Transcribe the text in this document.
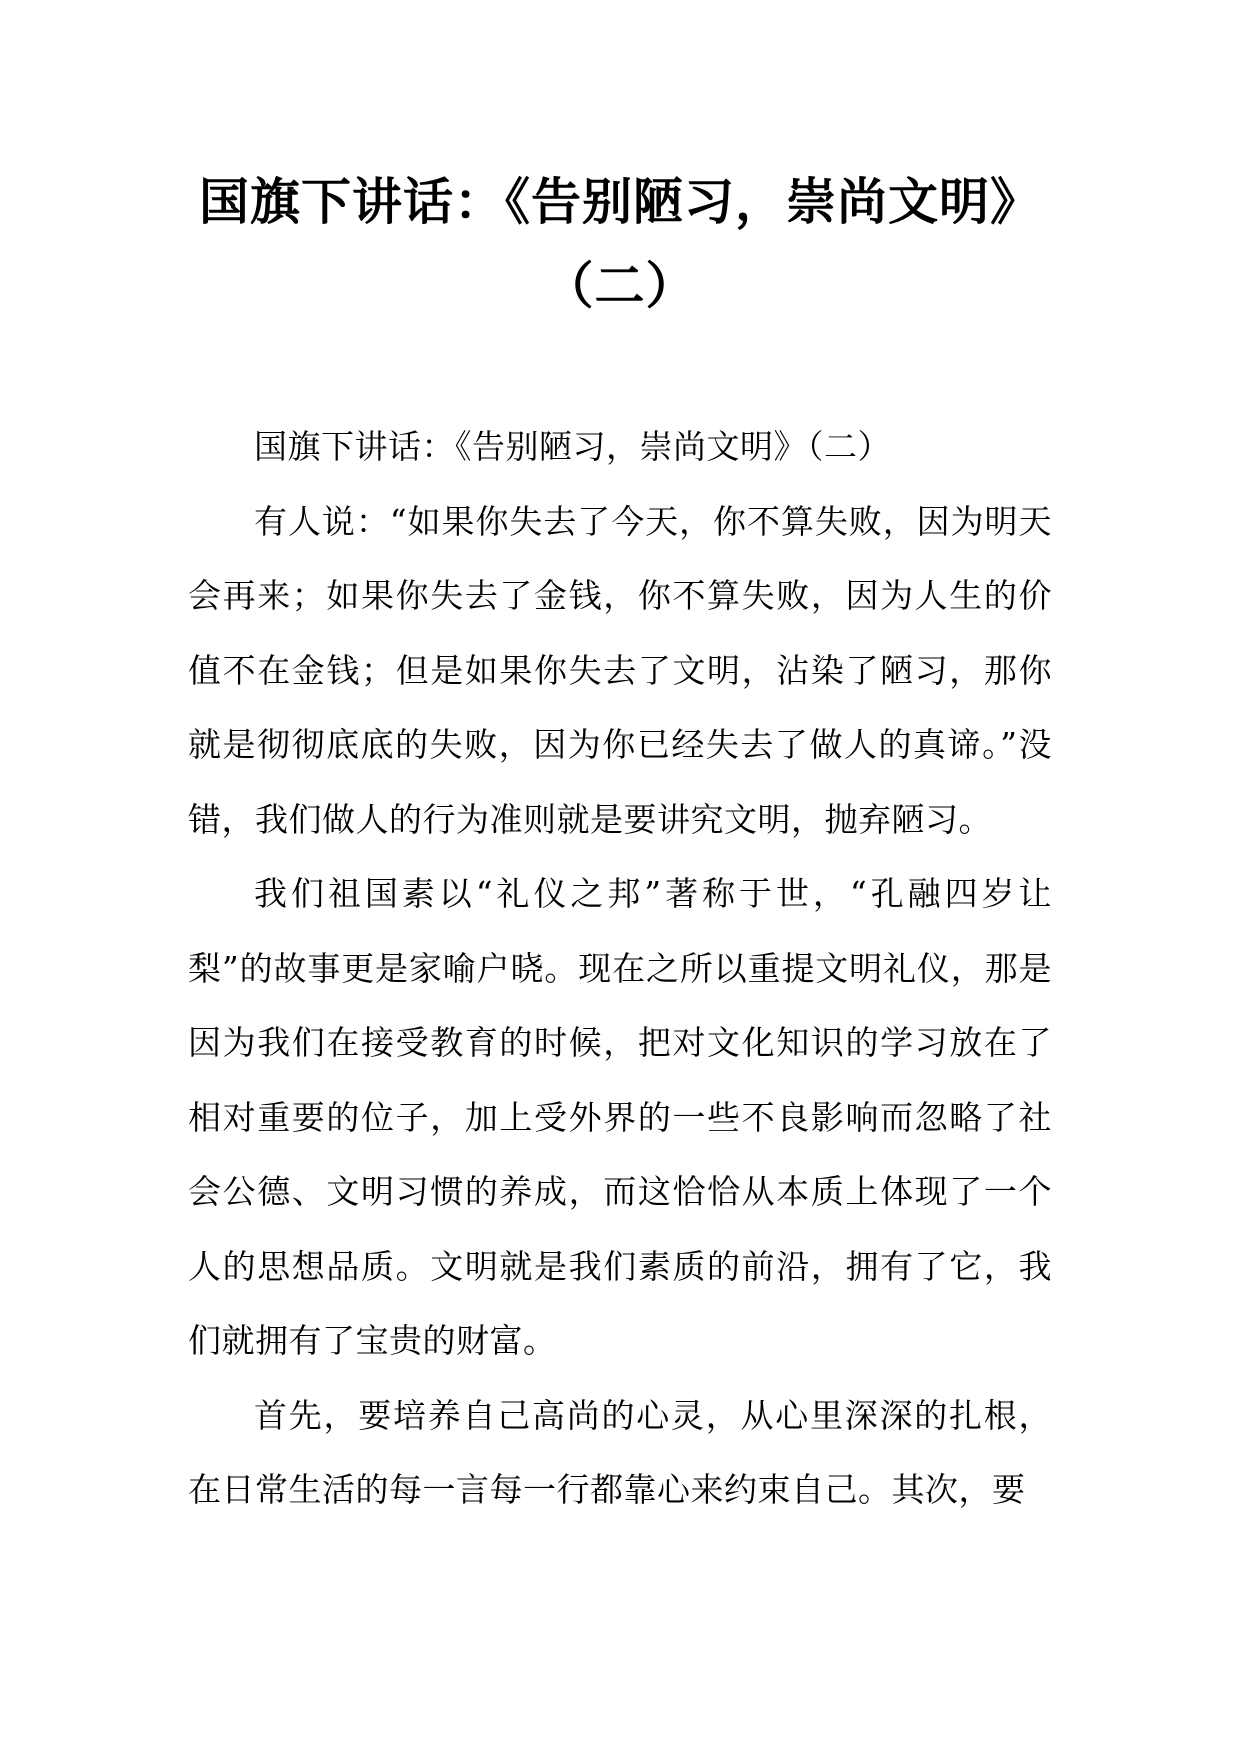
国旗下讲话：《告别陋习，崇尚文明》
（二）

国旗下讲话：《告别陋习，崇尚文明》（二）

有人说：“如果你失去了今天，你不算失败，因为明天会再来；如果你失去了金钱，你不算失败，因为人生的价值不在金钱；但是如果你失去了文明，沾染了陋习，那你就是彻彻底底的失败，因为你已经失去了做人的真谛。”没错，我们做人的行为准则就是要讲究文明，抛弃陋习。

我们祖国素以“礼仪之邦”著称于世，“孔融四岁让梨”的故事更是家喻户晓。现在之所以重提文明礼仪，那是因为我们在接受教育的时候，把对文化知识的学习放在了相对重要的位子，加上受外界的一些不良影响而忽略了社会公德、文明习惯的养成，而这恰恰从本质上体现了一个人的思想品质。文明就是我们素质的前沿，拥有了它，我们就拥有了宝贵的财富。

首先，要培养自己高尚的心灵，从心里深深的扎根，在日常生活的每一言每一行都靠心来约束自己。其次，要
